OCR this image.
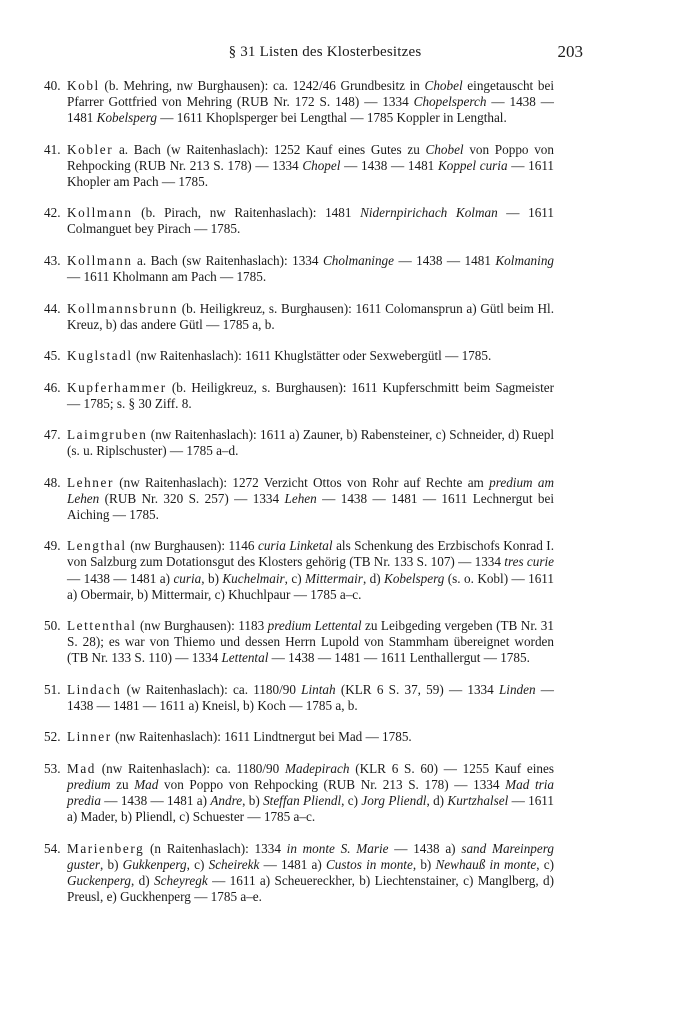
§ 31 Listen des Klosterbesitzes	203
40. Kobl (b. Mehring, nw Burghausen): ca. 1242/46 Grundbesitz in Chobel eingetauscht bei Pfarrer Gottfried von Mehring (RUB Nr. 172 S. 148) — 1334 Chopelsperch — 1438 — 1481 Kobelsperg — 1611 Khoplsperger bei Lengthal — 1785 Koppler in Lengthal.
41. Kobler a. Bach (w Raitenhaslach): 1252 Kauf eines Gutes zu Chobel von Poppo von Rehpocking (RUB Nr. 213 S. 178) — 1334 Chopel — 1438 — 1481 Koppel curia — 1611 Khopler am Pach — 1785.
42. Kollmann (b. Pirach, nw Raitenhaslach): 1481 Nidernpirichach Kolman — 1611 Colmanguet bey Pirach — 1785.
43. Kollmann a. Bach (sw Raitenhaslach): 1334 Cholmaninge — 1438 — 1481 Kolmaning — 1611 Kholmann am Pach — 1785.
44. Kollmannsbrunn (b. Heiligkreuz, s. Burghausen): 1611 Colomansprun a) Gütl beim Hl. Kreuz, b) das andere Gütl — 1785 a, b.
45. Kuglstadl (nw Raitenhaslach): 1611 Khuglstätter oder Sexwebergütl — 1785.
46. Kupferhammer (b. Heiligkreuz, s. Burghausen): 1611 Kupferschmitt beim Sagmeister — 1785; s. § 30 Ziff. 8.
47. Laimgruben (nw Raitenhaslach): 1611 a) Zauner, b) Rabensteiner, c) Schneider, d) Ruepl (s. u. Riplschuster) — 1785 a–d.
48. Lehner (nw Raitenhaslach): 1272 Verzicht Ottos von Rohr auf Rechte am predium am Lehen (RUB Nr. 320 S. 257) — 1334 Lehen — 1438 — 1481 — 1611 Lechnergut bei Aiching — 1785.
49. Lengthal (nw Burghausen): 1146 curia Linketal als Schenkung des Erzbischofs Konrad I. von Salzburg zum Dotationsgut des Klosters gehörig (TB Nr. 133 S. 107) — 1334 tres curie — 1438 — 1481 a) curia, b) Kuchelmair, c) Mittermair, d) Kobelsperg (s. o. Kobl) — 1611 a) Obermair, b) Mittermair, c) Khuchlpaur — 1785 a–c.
50. Lettenthal (nw Burghausen): 1183 predium Lettental zu Leibgeding vergeben (TB Nr. 31 S. 28); es war von Thiemo und dessen Herrn Lupold von Stammham übereignet worden (TB Nr. 133 S. 110) — 1334 Lettental — 1438 — 1481 — 1611 Lenthallergut — 1785.
51. Lindach (w Raitenhaslach): ca. 1180/90 Lintah (KLR 6 S. 37, 59) — 1334 Linden — 1438 — 1481 — 1611 a) Kneisl, b) Koch — 1785 a, b.
52. Linner (nw Raitenhaslach): 1611 Lindtnergut bei Mad — 1785.
53. Mad (nw Raitenhaslach): ca. 1180/90 Madepirach (KLR 6 S. 60) — 1255 Kauf eines predium zu Mad von Poppo von Rehpocking (RUB Nr. 213 S. 178) — 1334 Mad tria predia — 1438 — 1481 a) Andre, b) Steffan Pliendl, c) Jorg Pliendl, d) Kurtzhalsel — 1611 a) Mader, b) Pliendl, c) Schuester — 1785 a–c.
54. Marienberg (n Raitenhaslach): 1334 in monte S. Marie — 1438 a) sand Mareinperg guster, b) Gukkenperg, c) Scheirekk — 1481 a) Custos in monte, b) Newhauß in monte, c) Guckenperg, d) Scheyregk — 1611 a) Scheuereckher, b) Liechtenstainer, c) Manglberg, d) Preusl, e) Guckhenperg — 1785 a–e.
